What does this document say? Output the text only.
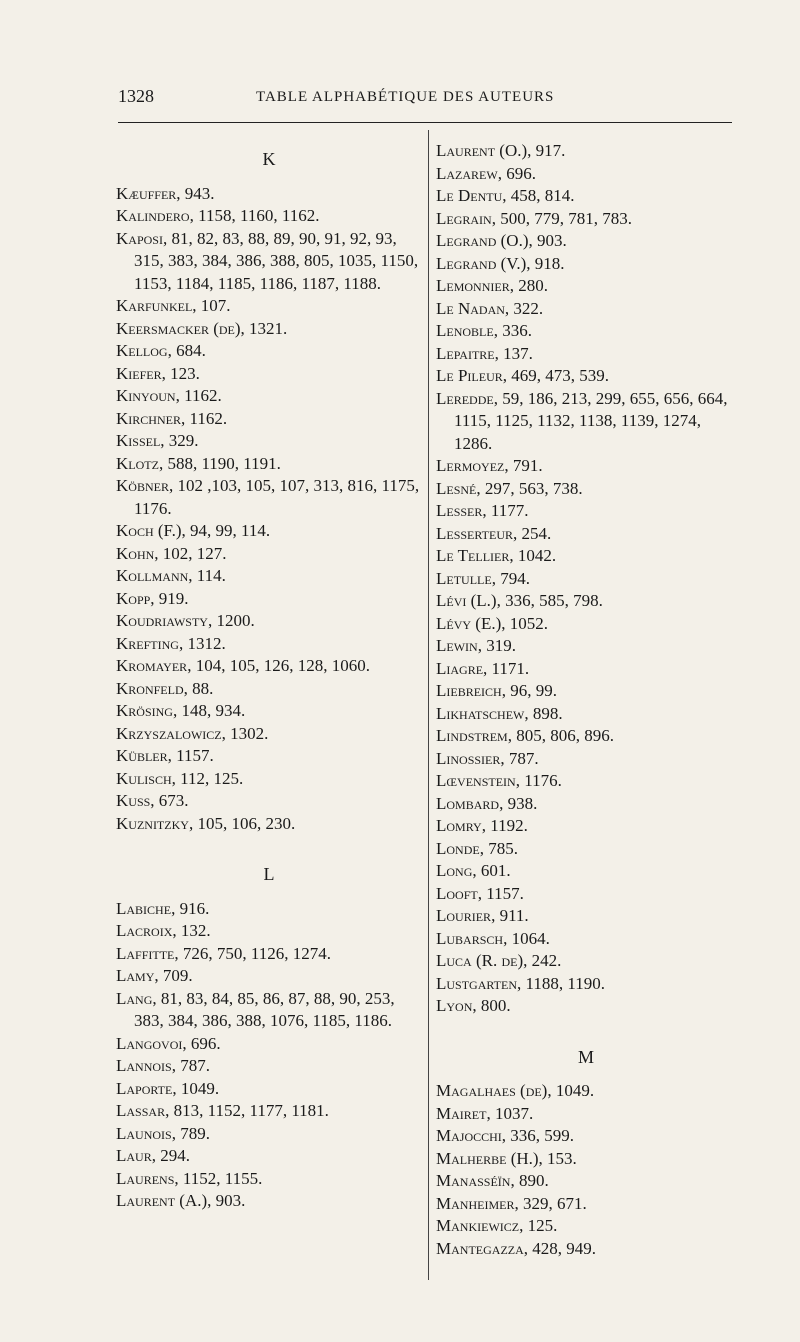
1328	TABLE ALPHABÉTIQUE DES AUTEURS
K

Kæuffer, 943.

Kalindero, 1158, 1160, 1162.

Kaposi, 81, 82, 83, 88, 89, 90, 91, 92, 93, 315, 383, 384, 386, 388, 805, 1035, 1150, 1153, 1184, 1185, 1186, 1187, 1188.

Karfunkel, 107.

Keersmacker (de), 1321.

Kellog, 684.

Kiefer, 123.

Kinyoun, 1162.

Kirchner, 1162.

Kissel, 329.

Klotz, 588, 1190, 1191.

Köbner, 102 ,103, 105, 107, 313, 816, 1175, 1176.

Koch (F.), 94, 99, 114.

Kohn, 102, 127.

Kollmann, 114.

Kopp, 919.

Koudriawsty, 1200.

Krefting, 1312.

Kromayer, 104, 105, 126, 128, 1060.

Kronfeld, 88.

Krösing, 148, 934.

Krzyszalowicz, 1302.

Kübler, 1157.

Kulisch, 112, 125.

Kuss, 673.

Kuznitzky, 105, 106, 230.

L

Labiche, 916.

Lacroix, 132.

Laffitte, 726, 750, 1126, 1274.

Lamy, 709.

Lang, 81, 83, 84, 85, 86, 87, 88, 90, 253, 383, 384, 386, 388, 1076, 1185, 1186.

Langovoi, 696.

Lannois, 787.

Laporte, 1049.

Lassar, 813, 1152, 1177, 1181.

Launois, 789.

Laur, 294.

Laurens, 1152, 1155.

Laurent (A.), 903.

Laurent (O.), 917.

Lazarew, 696.

Le Dentu, 458, 814.

Legrain, 500, 779, 781, 783.

Legrand (O.), 903.

Legrand (V.), 918.

Lemonnier, 280.

Le Nadan, 322.

Lenoble, 336.

Lepaitre, 137.

Le Pileur, 469, 473, 539.

Leredde, 59, 186, 213, 299, 655, 656, 664, 1115, 1125, 1132, 1138, 1139, 1274, 1286.

Lermoyez, 791.

Lesné, 297, 563, 738.

Lesser, 1177.

Lesserteur, 254.

Le Tellier, 1042.

Letulle, 794.

Lévi (L.), 336, 585, 798.

Lévy (E.), 1052.

Lewin, 319.

Liagre, 1171.

Liebreich, 96, 99.

Likhatschew, 898.

Lindstrem, 805, 806, 896.

Linossier, 787.

Lœvenstein, 1176.

Lombard, 938.

Lomry, 1192.

Londe, 785.

Long, 601.

Looft, 1157.

Lourier, 911.

Lubarsch, 1064.

Luca (R. de), 242.

Lustgarten, 1188, 1190.

Lyon, 800.

M

Magalhaes (de), 1049.

Mairet, 1037.

Majocchi, 336, 599.

Malherbe (H.), 153.

Manasséïn, 890.

Manheimer, 329, 671.

Mankiewicz, 125.

Mantegazza, 428, 949.
